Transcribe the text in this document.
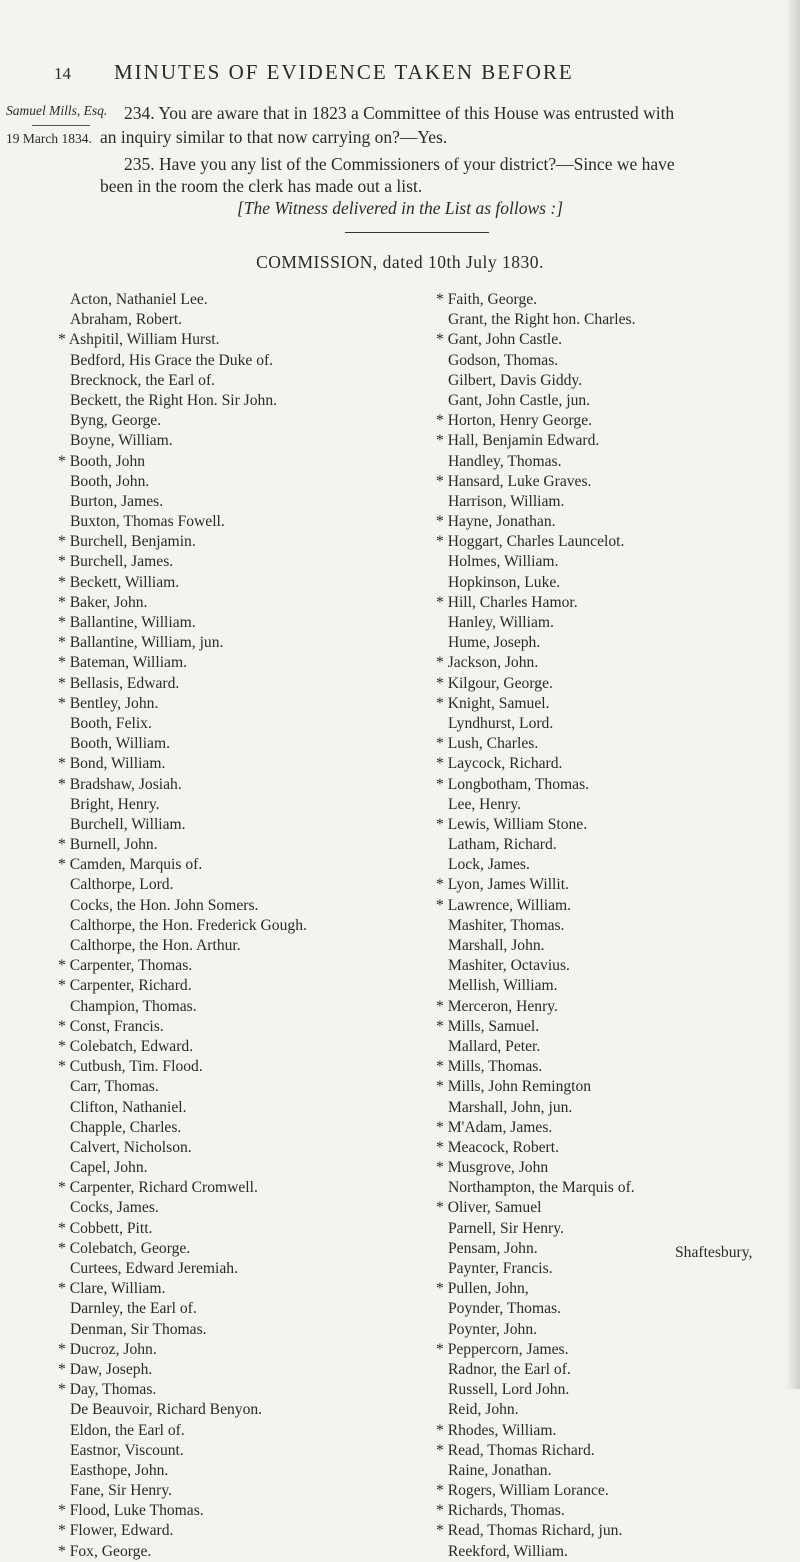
14 MINUTES OF EVIDENCE TAKEN BEFORE
Samuel Mills, Esq.
19 March 1834.
234. You are aware that in 1823 a Committee of this House was entrusted with
an inquiry similar to that now carrying on?—Yes.
235. Have you any list of the Commissioners of your district?—Since we have
been in the room the clerk has made out a list.
[The Witness delivered in the List as follows :]
COMMISSION, dated 10th July 1830.
Acton, Nathaniel Lee.
Abraham, Robert.
* Ashpitil, William Hurst.
Bedford, His Grace the Duke of.
Brecknock, the Earl of.
Beckett, the Right Hon. Sir John.
Byng, George.
Boyne, William.
* Booth, John
Booth, John.
Burton, James.
Buxton, Thomas Fowell.
* Burchell, Benjamin.
* Burchell, James.
* Beckett, William.
* Baker, John.
* Ballantine, William.
* Ballantine, William, jun.
* Bateman, William.
* Bellasis, Edward.
* Bentley, John.
Booth, Felix.
Booth, William.
* Bond, William.
* Bradshaw, Josiah.
Bright, Henry.
Burchell, William.
* Burnell, John.
* Camden, Marquis of.
Calthorpe, Lord.
Cocks, the Hon. John Somers.
Calthorpe, the Hon. Frederick Gough.
Calthorpe, the Hon. Arthur.
* Carpenter, Thomas.
* Carpenter, Richard.
Champion, Thomas.
* Const, Francis.
* Colebatch, Edward.
* Cutbush, Tim. Flood.
Carr, Thomas.
Clifton, Nathaniel.
Chapple, Charles.
Calvert, Nicholson.
Capel, John.
* Carpenter, Richard Cromwell.
Cocks, James.
* Cobbett, Pitt.
* Colebatch, George.
Curtees, Edward Jeremiah.
* Clare, William.
Darnley, the Earl of.
Denman, Sir Thomas.
* Ducroz, John.
* Daw, Joseph.
* Day, Thomas.
De Beauvoir, Richard Benyon.
Eldon, the Earl of.
Eastnor, Viscount.
Easthope, John.
Fane, Sir Henry.
* Flood, Luke Thomas.
* Flower, Edward.
* Fox, George.
* Faith, George.
Grant, the Right hon. Charles.
* Gant, John Castle.
Godson, Thomas.
Gilbert, Davis Giddy.
Gant, John Castle, jun.
* Horton, Henry George.
* Hall, Benjamin Edward.
Handley, Thomas.
* Hansard, Luke Graves.
Harrison, William.
* Hayne, Jonathan.
* Hoggart, Charles Launcelot.
Holmes, William.
Hopkinson, Luke.
* Hill, Charles Hamor.
Hanley, William.
Hume, Joseph.
* Jackson, John.
* Kilgour, George.
* Knight, Samuel.
Lyndhurst, Lord.
* Lush, Charles.
* Laycock, Richard.
* Longbotham, Thomas.
Lee, Henry.
* Lewis, William Stone.
Latham, Richard.
Lock, James.
* Lyon, James Willit.
* Lawrence, William.
Mashiter, Thomas.
Marshall, John.
Mashiter, Octavius.
Mellish, William.
* Merceron, Henry.
* Mills, Samuel.
Mallard, Peter.
* Mills, Thomas.
* Mills, John Remington
Marshall, John, jun.
* M'Adam, James.
* Meacock, Robert.
* Musgrove, John
Northampton, the Marquis of.
* Oliver, Samuel
Parnell, Sir Henry.
Pensam, John.
Paynter, Francis.
* Pullen, John,
Poynder, Thomas.
Poynter, John.
* Peppercorn, James.
Radnor, the Earl of.
Russell, Lord John.
Reid, John.
* Rhodes, William.
* Read, Thomas Richard.
Raine, Jonathan.
* Rogers, William Lorance.
* Richards, Thomas.
* Read, Thomas Richard, jun.
Reekford, William.
Shaftesbury,
